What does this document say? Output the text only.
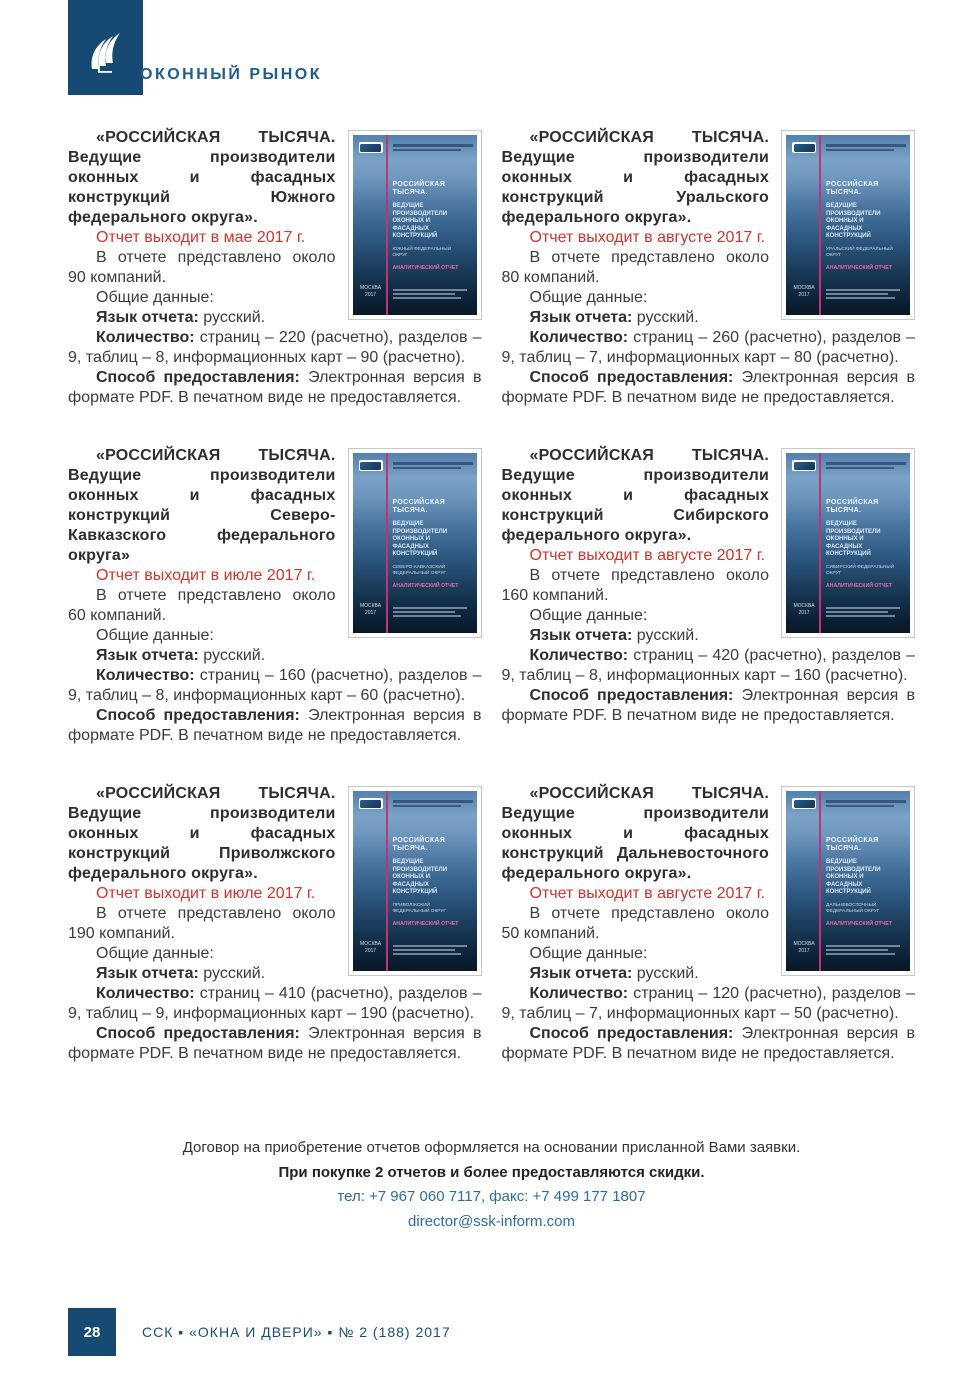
ОКОННЫЙ РЫНОК
РОССИЙСКАЯ ТЫСЯЧА.
ВЕДУЩИЕ ПРОИЗВОДИТЕЛИ ОКОННЫХ И ФАСАДНЫХ КОНСТРУКЦИЙ
ЮЖНЫЙ ФЕДЕРАЛЬНЫЙ ОКРУГ
АНАЛИТИЧЕСКИЙ ОТЧЕТ
МОСКВА 2017

«РОССИЙСКАЯ ТЫСЯЧА. Ведущие производители оконных и фасадных конструкций Южного федерального округа».

Отчет выходит в мае 2017 г.

В отчете представлено около 90 компаний.

Общие данные:

Язык отчета: русский.

Количество: страниц – 220 (расчетно), разделов – 9, таблиц – 8, информационных карт – 90 (расчетно).

Способ предоставления: Электронная версия в формате PDF. В печатном виде не предоставляется.

РОССИЙСКАЯ ТЫСЯЧА.
ВЕДУЩИЕ ПРОИЗВОДИТЕЛИ ОКОННЫХ И ФАСАДНЫХ КОНСТРУКЦИЙ
УРАЛЬСКИЙ ФЕДЕРАЛЬНЫЙ ОКРУГ
АНАЛИТИЧЕСКИЙ ОТЧЕТ
МОСКВА 2017

«РОССИЙСКАЯ ТЫСЯЧА. Ведущие производители оконных и фасадных конструкций Уральского федерального округа».

Отчет выходит в августе 2017 г.

В отчете представлено около 80 компаний.

Общие данные:

Язык отчета: русский.

Количество: страниц – 260 (расчетно), разделов – 9, таблиц – 7, информационных карт – 80 (расчетно).

Способ предоставления: Электронная версия в формате PDF. В печатном виде не предоставляется.

РОССИЙСКАЯ ТЫСЯЧА.
ВЕДУЩИЕ ПРОИЗВОДИТЕЛИ ОКОННЫХ И ФАСАДНЫХ КОНСТРУКЦИЙ
СЕВЕРО-КАВКАЗСКИЙ ФЕДЕРАЛЬНЫЙ ОКРУГ
АНАЛИТИЧЕСКИЙ ОТЧЕТ
МОСКВА 2017

«РОССИЙСКАЯ ТЫСЯЧА. Ведущие производители оконных и фасадных конструкций Северо-Кавказского федерального округа»

Отчет выходит в июле 2017 г.

В отчете представлено около 60 компаний.

Общие данные:

Язык отчета: русский.

Количество: страниц – 160 (расчетно), разделов – 9, таблиц – 8, информационных карт – 60 (расчетно).

Способ предоставления: Электронная версия в формате PDF. В печатном виде не предоставляется.

РОССИЙСКАЯ ТЫСЯЧА.
ВЕДУЩИЕ ПРОИЗВОДИТЕЛИ ОКОННЫХ И ФАСАДНЫХ КОНСТРУКЦИЙ
СИБИРСКИЙ ФЕДЕРАЛЬНЫЙ ОКРУГ
АНАЛИТИЧЕСКИЙ ОТЧЕТ
МОСКВА 2017

«РОССИЙСКАЯ ТЫСЯЧА. Ведущие производители оконных и фасадных конструкций Сибирского федерального округа».

Отчет выходит в августе 2017 г.

В отчете представлено около 160 компаний.

Общие данные:

Язык отчета: русский.

Количество: страниц – 420 (расчетно), разделов – 9, таблиц – 8, информационных карт – 160 (расчетно).

Способ предоставления: Электронная версия в формате PDF. В печатном виде не предоставляется.

РОССИЙСКАЯ ТЫСЯЧА.
ВЕДУЩИЕ ПРОИЗВОДИТЕЛИ ОКОННЫХ И ФАСАДНЫХ КОНСТРУКЦИЙ
ПРИВОЛЖСКИЙ ФЕДЕРАЛЬНЫЙ ОКРУГ
АНАЛИТИЧЕСКИЙ ОТЧЕТ
МОСКВА 2017

«РОССИЙСКАЯ ТЫСЯЧА. Ведущие производители оконных и фасадных конструкций Приволжского федерального округа».

Отчет выходит в июле 2017 г.

В отчете представлено около 190 компаний.

Общие данные:

Язык отчета: русский.

Количество: страниц – 410 (расчетно), разделов – 9, таблиц – 9, информационных карт – 190 (расчетно).

Способ предоставления: Электронная версия в формате PDF. В печатном виде не предоставляется.

РОССИЙСКАЯ ТЫСЯЧА.
ВЕДУЩИЕ ПРОИЗВОДИТЕЛИ ОКОННЫХ И ФАСАДНЫХ КОНСТРУКЦИЙ
ДАЛЬНЕВОСТОЧНЫЙ ФЕДЕРАЛЬНЫЙ ОКРУГ
АНАЛИТИЧЕСКИЙ ОТЧЕТ
МОСКВА 2017

«РОССИЙСКАЯ ТЫСЯЧА. Ведущие производители оконных и фасадных конструкций Дальневосточного федерального округа».

Отчет выходит в августе 2017 г.

В отчете представлено около 50 компаний.

Общие данные:

Язык отчета: русский.

Количество: страниц – 120 (расчетно), разделов – 9, таблиц – 7, информационных карт – 50 (расчетно).

Способ предоставления: Электронная версия в формате PDF. В печатном виде не предоставляется.

Договор на приобретение отчетов оформляется на основании присланной Вами заявки.
При покупке 2 отчетов и более предоставляются скидки.
тел: +7 967 060 7117, факс: +7 499 177 1807
director@ssk-inform.com
28	ССК ▪ «ОКНА И ДВЕРИ» ▪ № 2 (188) 2017
